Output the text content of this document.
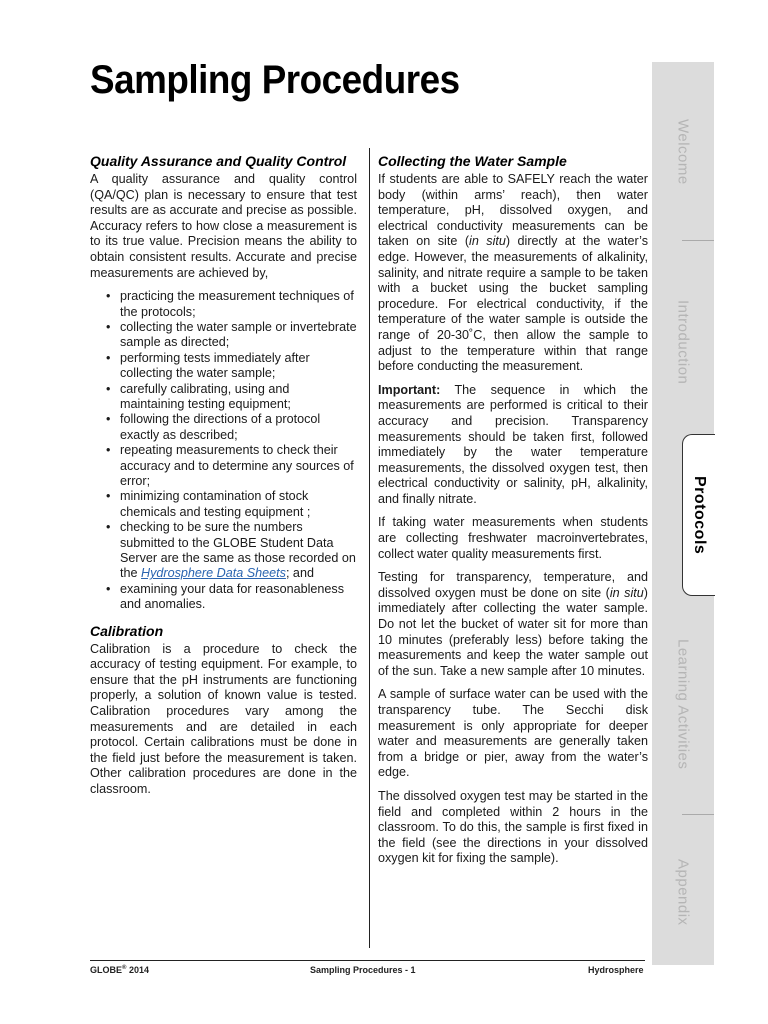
Sampling Procedures
Quality Assurance and Quality Control

A quality assurance and quality control (QA/QC) plan is necessary to ensure that test results are as accurate and precise as possible. Accuracy refers to how close a measurement is to its true value. Precision means the ability to obtain consistent results. Accurate and precise measurements are achieved by,

• practicing the measurement techniques of the protocols;
• collecting the water sample or invertebrate sample as directed;
• performing tests immediately after collecting the water sample;
• carefully calibrating, using and maintaining testing equipment;
• following the directions of a protocol exactly as described;
• repeating measurements to check their accuracy and to determine any sources of error;
• minimizing contamination of stock chemicals and testing equipment ;
• checking to be sure the numbers submitted to the GLOBE Student Data Server are the same as those recorded on the Hydrosphere Data Sheets; and
• examining your data for reasonableness and anomalies.
Calibration

Calibration is a procedure to check the accuracy of testing equipment. For example, to ensure that the pH instruments are functioning properly, a solution of known value is tested. Calibration procedures vary among the measurements and are detailed in each protocol. Certain calibrations must be done in the field just before the measurement is taken. Other calibration procedures are done in the classroom.

Collecting the Water Sample

If students are able to SAFELY reach the water body (within arms’ reach), then water temperature, pH, dissolved oxygen, and electrical conductivity measurements can be taken on site (in situ) directly at the water’s edge. However, the measurements of alkalinity, salinity, and nitrate require a sample to be taken with a bucket using the bucket sampling procedure. For electrical conductivity, if the temperature of the water sample is outside the range of 20-30˚C, then allow the sample to adjust to the temperature within that range before conducting the measurement.

Important: The sequence in which the measurements are performed is critical to their accuracy and precision. Transparency measurements should be taken first, followed immediately by the water temperature measurements, the dissolved oxygen test, then electrical conductivity or salinity, pH, alkalinity, and finally nitrate.

If taking water measurements when students are collecting freshwater macroinvertebrates, collect water quality measurements first.

Testing for transparency, temperature, and dissolved oxygen must be done on site (in situ) immediately after collecting the water sample. Do not let the bucket of water sit for more than 10 minutes (preferably less) before taking the measurements and keep the water sample out of the sun. Take a new sample after 10 minutes.

A sample of surface water can be used with the transparency tube. The Secchi disk measurement is only appropriate for deeper water and measurements are generally taken from a bridge or pier, away from the water’s edge.

The dissolved oxygen test may be started in the field and completed within 2 hours in the classroom. To do this, the sample is first fixed in the field (see the directions in your dissolved oxygen kit for fixing the sample).

GLOBE® 2014	Sampling Procedures - 1	Hydrosphere
Welcome
Introduction
Protocols
Learning Activities
Appendix
